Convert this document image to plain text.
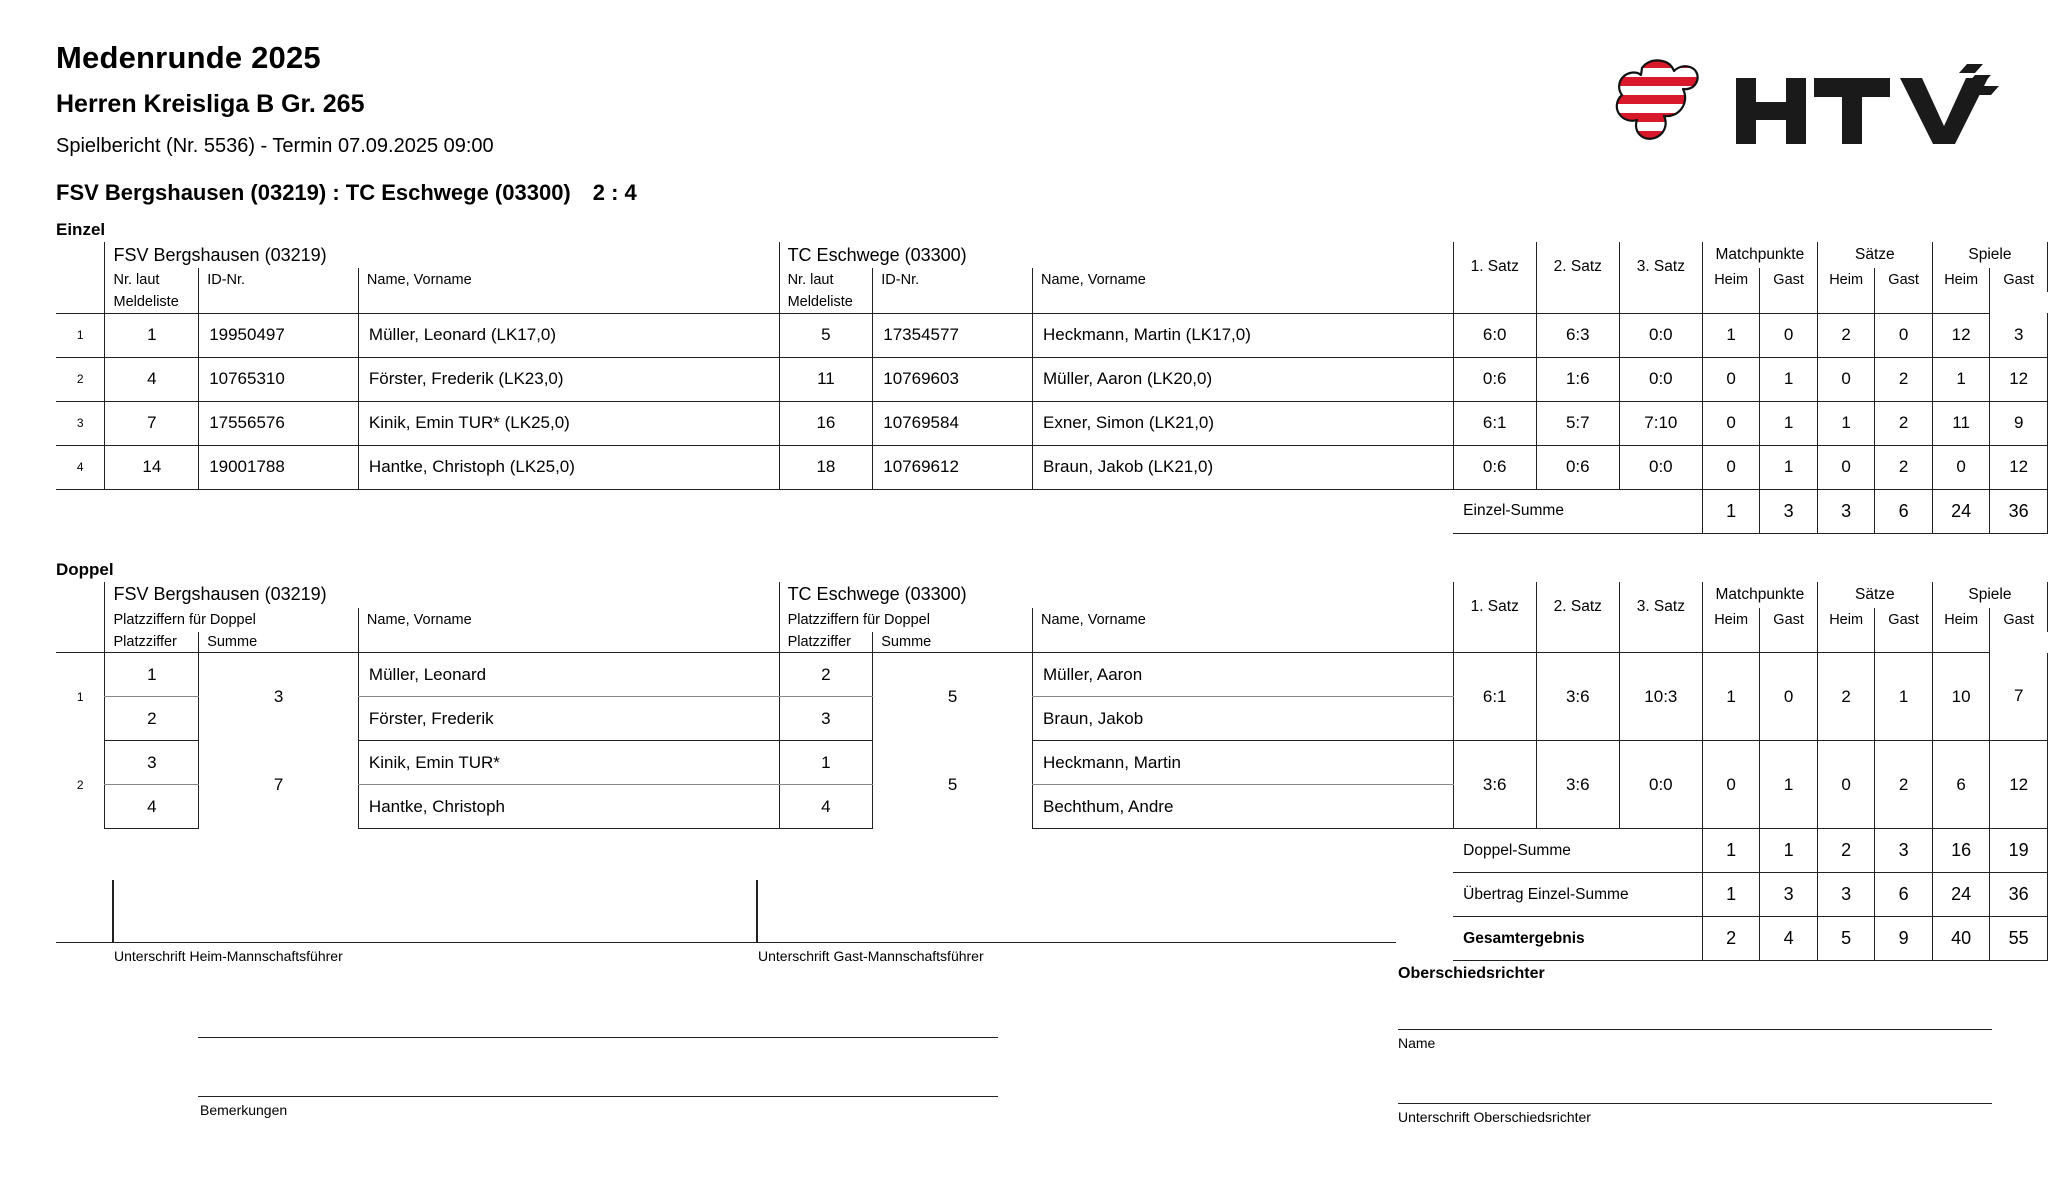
Medenrunde 2025
Herren Kreisliga B Gr. 265
Spielbericht (Nr. 5536) - Termin 07.09.2025 09:00
FSV Bergshausen (03219) : TC Eschwege (03300) 2 : 4
Einzel
	FSV Bergshausen (03219)			TC Eschwege (03300)			1. Satz	2. Satz	3. Satz	Matchpunkte		Sätze		Spiele	
	Nr. laut	ID-Nr.	Name, Vorname	Nr. laut	ID-Nr.	Name, Vorname				Heim	Gast	Heim	Gast	Heim	Gast
	Meldeliste			Meldeliste											
1	1	19950497	Müller, Leonard (LK17,0)	5	17354577	Heckmann, Martin (LK17,0)	6:0	6:3	0:0	1	0	2	0	12	3
2	4	10765310	Förster, Frederik (LK23,0)	11	10769603	Müller, Aaron (LK20,0)	0:6	1:6	0:0	0	1	0	2	1	12
3	7	17556576	Kinik, Emin TUR* (LK25,0)	16	10769584	Exner, Simon (LK21,0)	6:1	5:7	7:10	0	1	1	2	11	9
4	14	19001788	Hantke, Christoph (LK25,0)	18	10769612	Braun, Jakob (LK21,0)	0:6	0:6	0:0	0	1	0	2	0	12
							Einzel-Summe			1	3	3	6	24	36
Doppel
	FSV Bergshausen (03219)			TC Eschwege (03300)			1. Satz	2. Satz	3. Satz	Matchpunkte		Sätze		Spiele	
	Platzziffern für Doppel		Name, Vorname	Platzziffern für Doppel		Name, Vorname				Heim	Gast	Heim	Gast	Heim	Gast
	Platzziffer	Summe		Platzziffer	Summe										
1	1	3	Müller, Leonard	2	5	Müller, Aaron	6:1	3:6	10:3	1	0	2	1	10	7
	2		Förster, Frederik	3		Braun, Jakob									
2	3	7	Kinik, Emin TUR*	1	5	Heckmann, Martin	3:6	3:6	0:0	0	1	0	2	6	12
	4		Hantke, Christoph	4		Bechthum, Andre									
							Doppel-Summe			1	1	2	3	16	19
							Übertrag Einzel-Summe			1	3	3	6	24	36
							Gesamtergebnis			2	4	5	9	40	55
Unterschrift Heim-Mannschaftsführer	Unterschrift Gast-Mannschaftsführer
Bemerkungen
Oberschiedsrichter
Name
Unterschrift Oberschiedsrichter
